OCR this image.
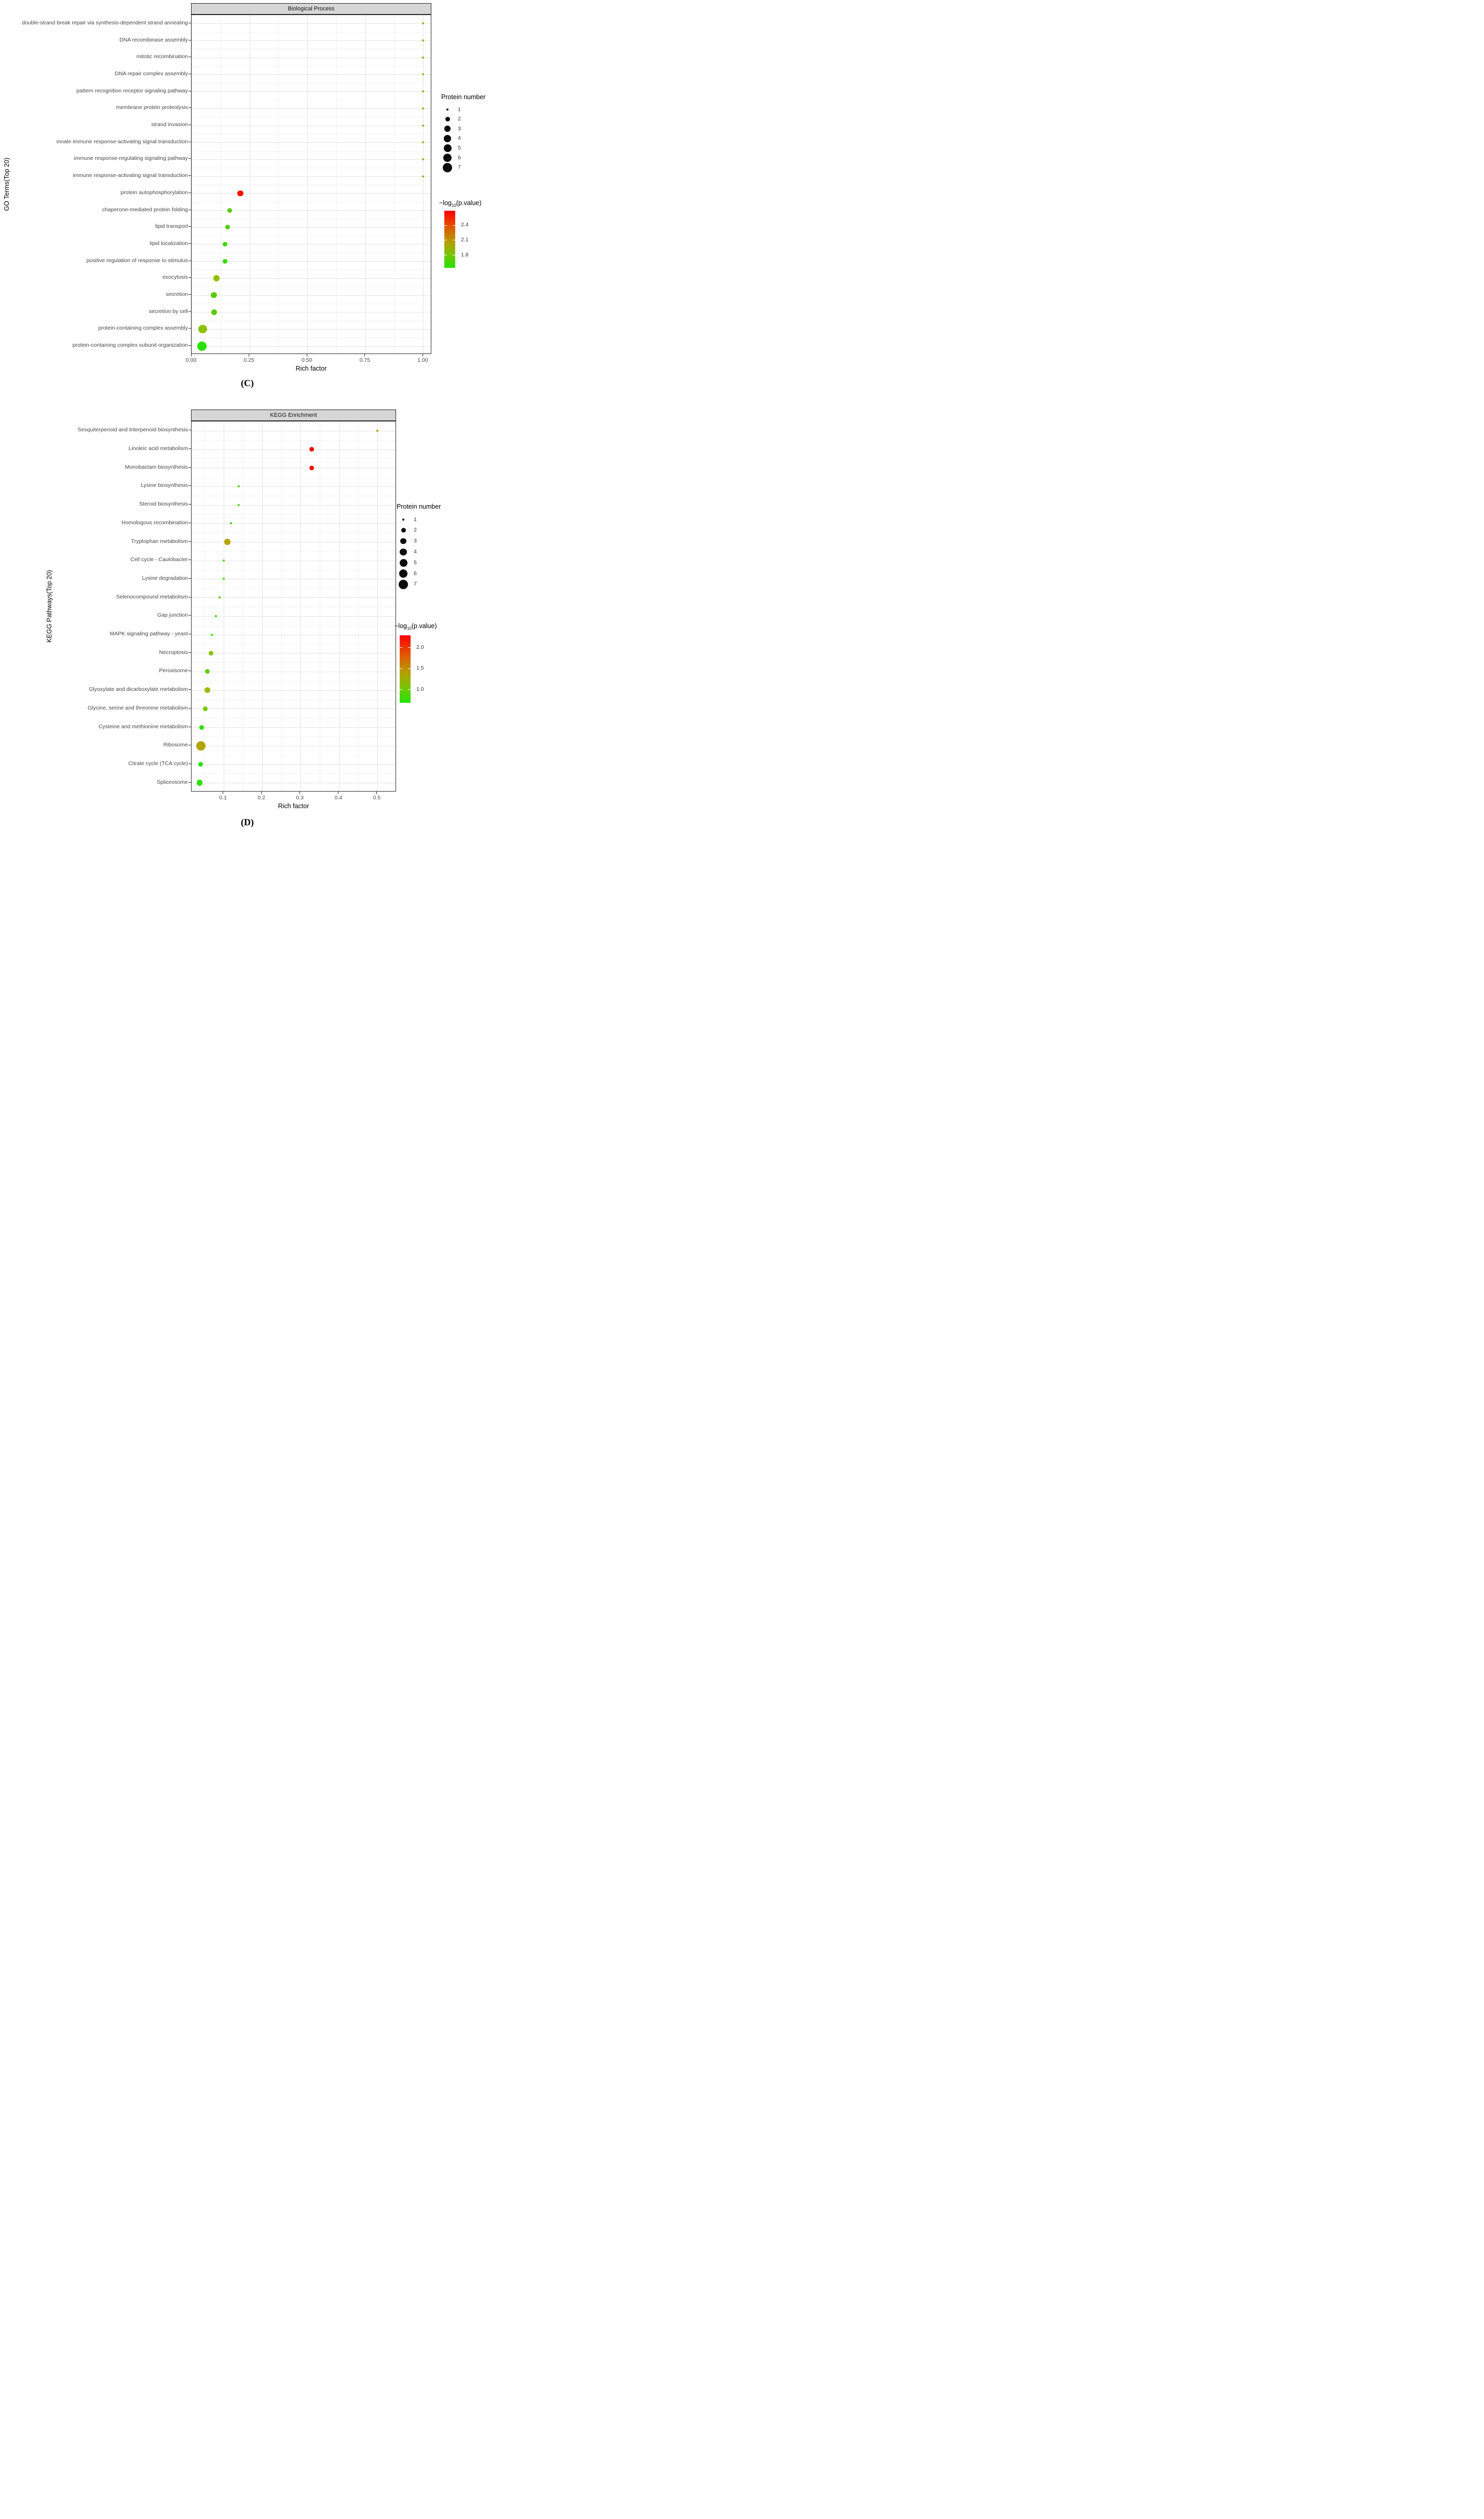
Biological Process
double-strand break repair via synthesis-dependent strand annealing
DNA recombinase assembly
mitotic recombination
DNA repair complex assembly
pattern recognition receptor signaling pathway
membrane protein proteolysis
strand invasion
innate immune response-activating signal transduction
immune response-regulating signaling pathway
immune response-activating signal transduction
protein autophosphorylation
chaperone-mediated protein folding
lipid transport
lipid localization
positive regulation of response to stimulus
exocytosis
secretion
secretion by cell
protein-containing complex assembly
protein-containing complex subunit organization
0.00	0.25	0.50	0.75	1.00
Rich factor
GO Terms(Top 20)
Protein number
1
2
3
4
5
6
7
$-\log_{10}(p.value)$
2.4
2.1
1.8
(C)
KEGG Enrichment
Sesquiterpenoid and triterpenoid biosynthesis
Linoleic acid metabolism
Monobactam biosynthesis
Lysine biosynthesis
Steroid biosynthesis
Homologous recombination
Tryptophan metabolism
Cell cycle - Caulobacter
Lysine degradation
Selenocompound metabolism
Gap junction
MAPK signaling pathway - yeast
Necroptosis
Peroxisome
Glyoxylate and dicarboxylate metabolism
Glycine, serine and threonine metabolism
Cysteine and methionine metabolism
Ribosome
Citrate cycle (TCA cycle)
Spliceosome
0.1	0.2	0.3	0.4	0.5
Rich factor
KEGG Pathways(Top 20)
Protein number
1
2
3
4
5
6
7
$-\log_{10}(p.value)$
2.0
1.5
1.0
(D)
